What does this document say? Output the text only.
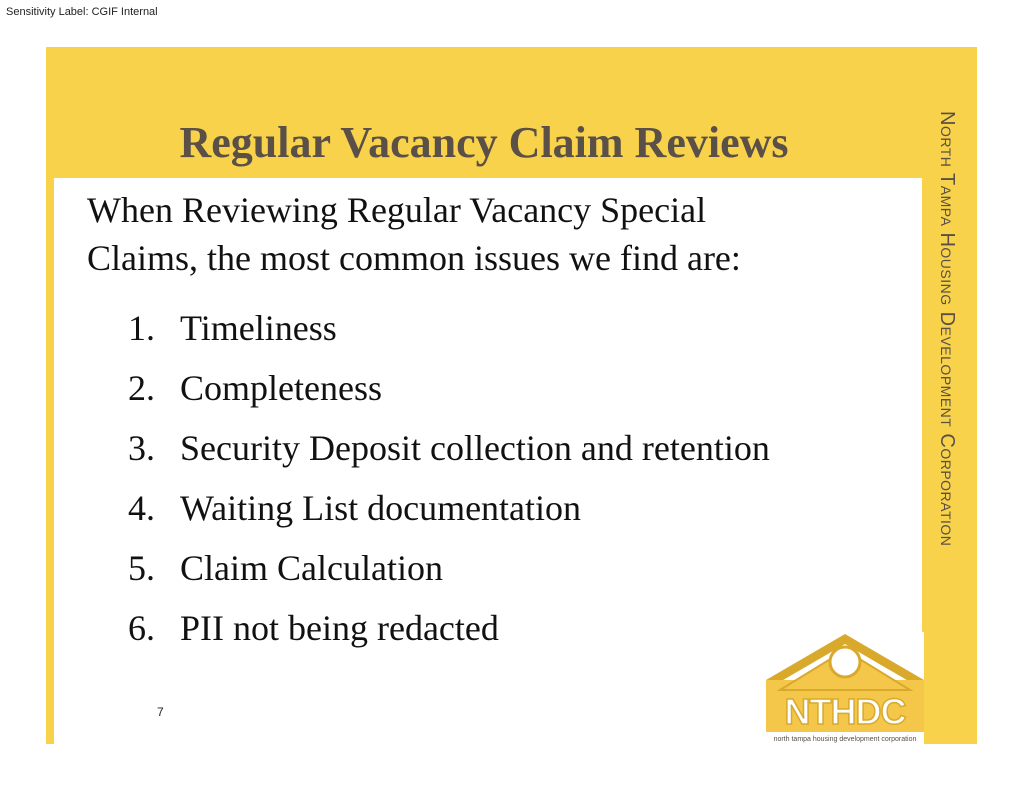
Sensitivity Label: CGIF Internal
Regular Vacancy Claim Reviews
When Reviewing Regular Vacancy Special
Claims, the most common issues we find are:
1. Timeliness
2. Completeness
3. Security Deposit collection and retention
4. Waiting List documentation
5. Claim Calculation
6. PII not being redacted
7
North Tampa Housing Development Corporation
NTHDC
north tampa housing development corporation
